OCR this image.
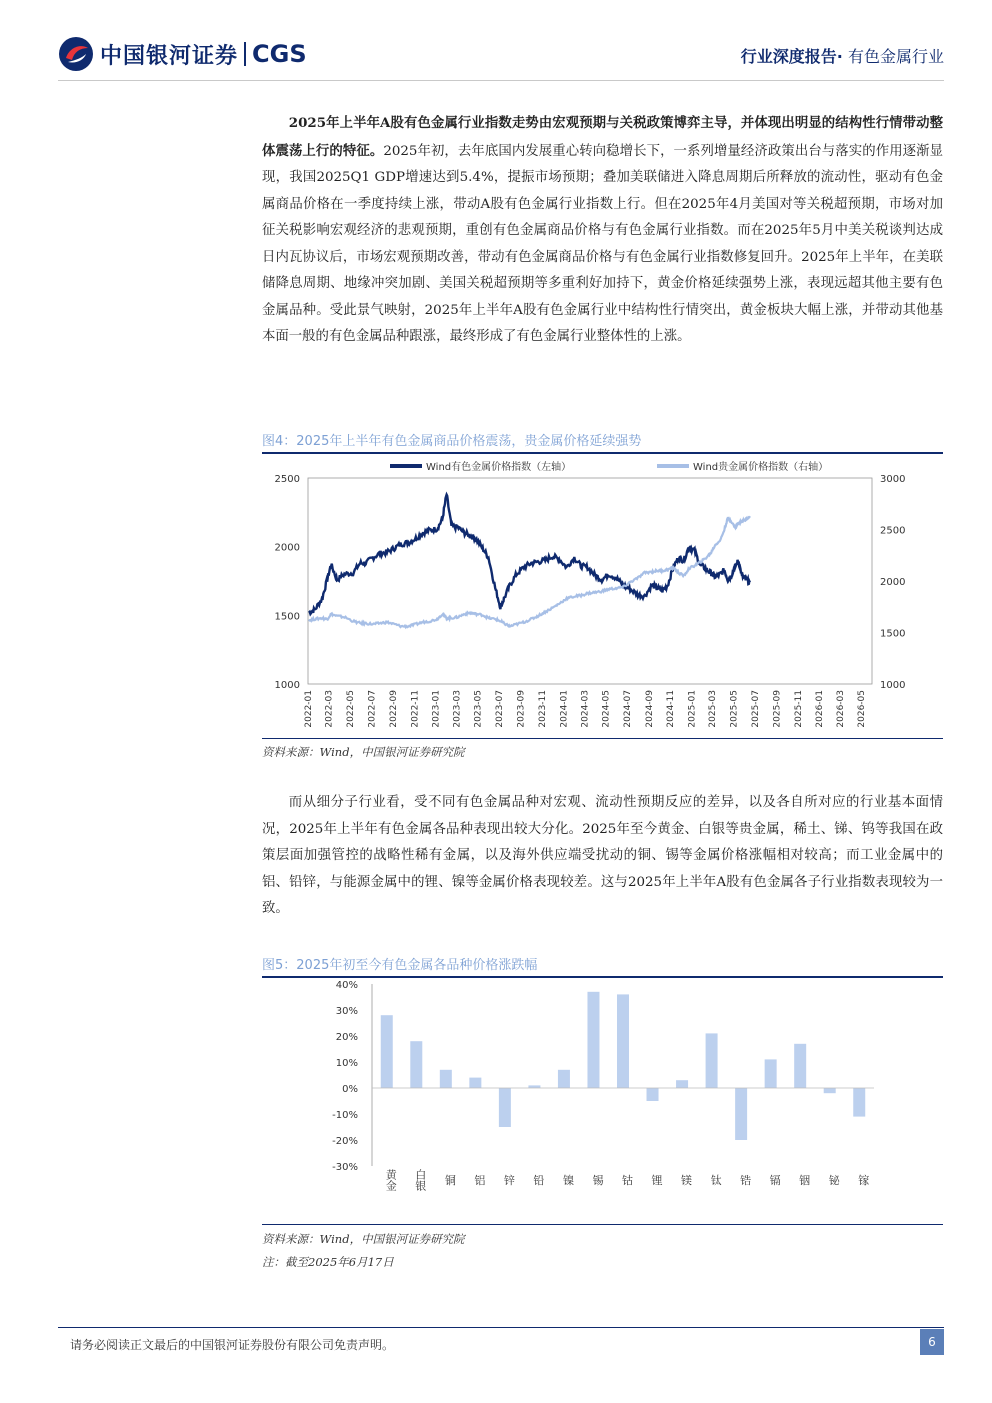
中国银河证券 CGS	行业深度报告· 有色金属行业
2025年上半年A股有色金属行业指数走势由宏观预期与关税政策博弈主导，并体现出明显的结构性行情带动整体震荡上行的特征。2025年初，去年底国内发展重心转向稳增长下，一系列增量经济政策出台与落实的作用逐渐显现，我国2025Q1 GDP增速达到5.4%，提振市场预期；叠加美联储进入降息周期后所释放的流动性，驱动有色金属商品价格在一季度持续上涨，带动A股有色金属行业指数上行。但在2025年4月美国对等关税超预期，市场对加征关税影响宏观经济的悲观预期，重创有色金属商品价格与有色金属行业指数。而在2025年5月中美关税谈判达成日内瓦协议后，市场宏观预期改善，带动有色金属商品价格与有色金属行业指数修复回升。2025年上半年，在美联储降息周期、地缘冲突加剧、美国关税超预期等多重利好加持下，黄金价格延续强势上涨，表现远超其他主要有色金属品种。受此景气映射，2025年上半年A股有色金属行业中结构性行情突出，黄金板块大幅上涨，并带动其他基本面一般的有色金属品种跟涨，最终形成了有色金属行业整体性的上涨。
图4：2025年上半年有色金属商品价格震荡，贵金属价格延续强势
1000
1500
2000
2500
1000
1500
2000
2500
3000
2022-01 2022-03 2022-05 2022-07 2022-09 2022-11 2023-01 2023-03 2023-05 2023-07 2023-09 2023-11 2024-01 2024-03 2024-05 2024-07 2024-09 2024-11 2025-01 2025-03 2025-05 2025-07 2025-09 2025-11 2026-01 2026-03 2026-05
Wind有色金属价格指数（左轴）	Wind贵金属价格指数（右轴）
资料来源：Wind，中国银河证券研究院
而从细分子行业看，受不同有色金属品种对宏观、流动性预期反应的差异，以及各自所对应的行业基本面情况，2025年上半年有色金属各品种表现出较大分化。2025年至今黄金、白银等贵金属，稀土、锑、钨等我国在政策层面加强管控的战略性稀有金属，以及海外供应端受扰动的铜、锡等金属价格涨幅相对较高；而工业金属中的铝、铅锌，与能源金属中的锂、镍等金属价格表现较差。这与2025年上半年A股有色金属各子行业指数表现较为一致。
图5：2025年初至今有色金属各品种价格涨跌幅
-30%
-20%
-10%
0%
10%
20%
30%
40%
黄金 白银 铜 铝 锌 铅 镍 锡 钴 锂 镁 钛 锆 镉 铟 铋 镓
资料来源：Wind，中国银河证券研究院
注：截至2025年6月17日
请务必阅读正文最后的中国银河证券股份有限公司免责声明。	6
